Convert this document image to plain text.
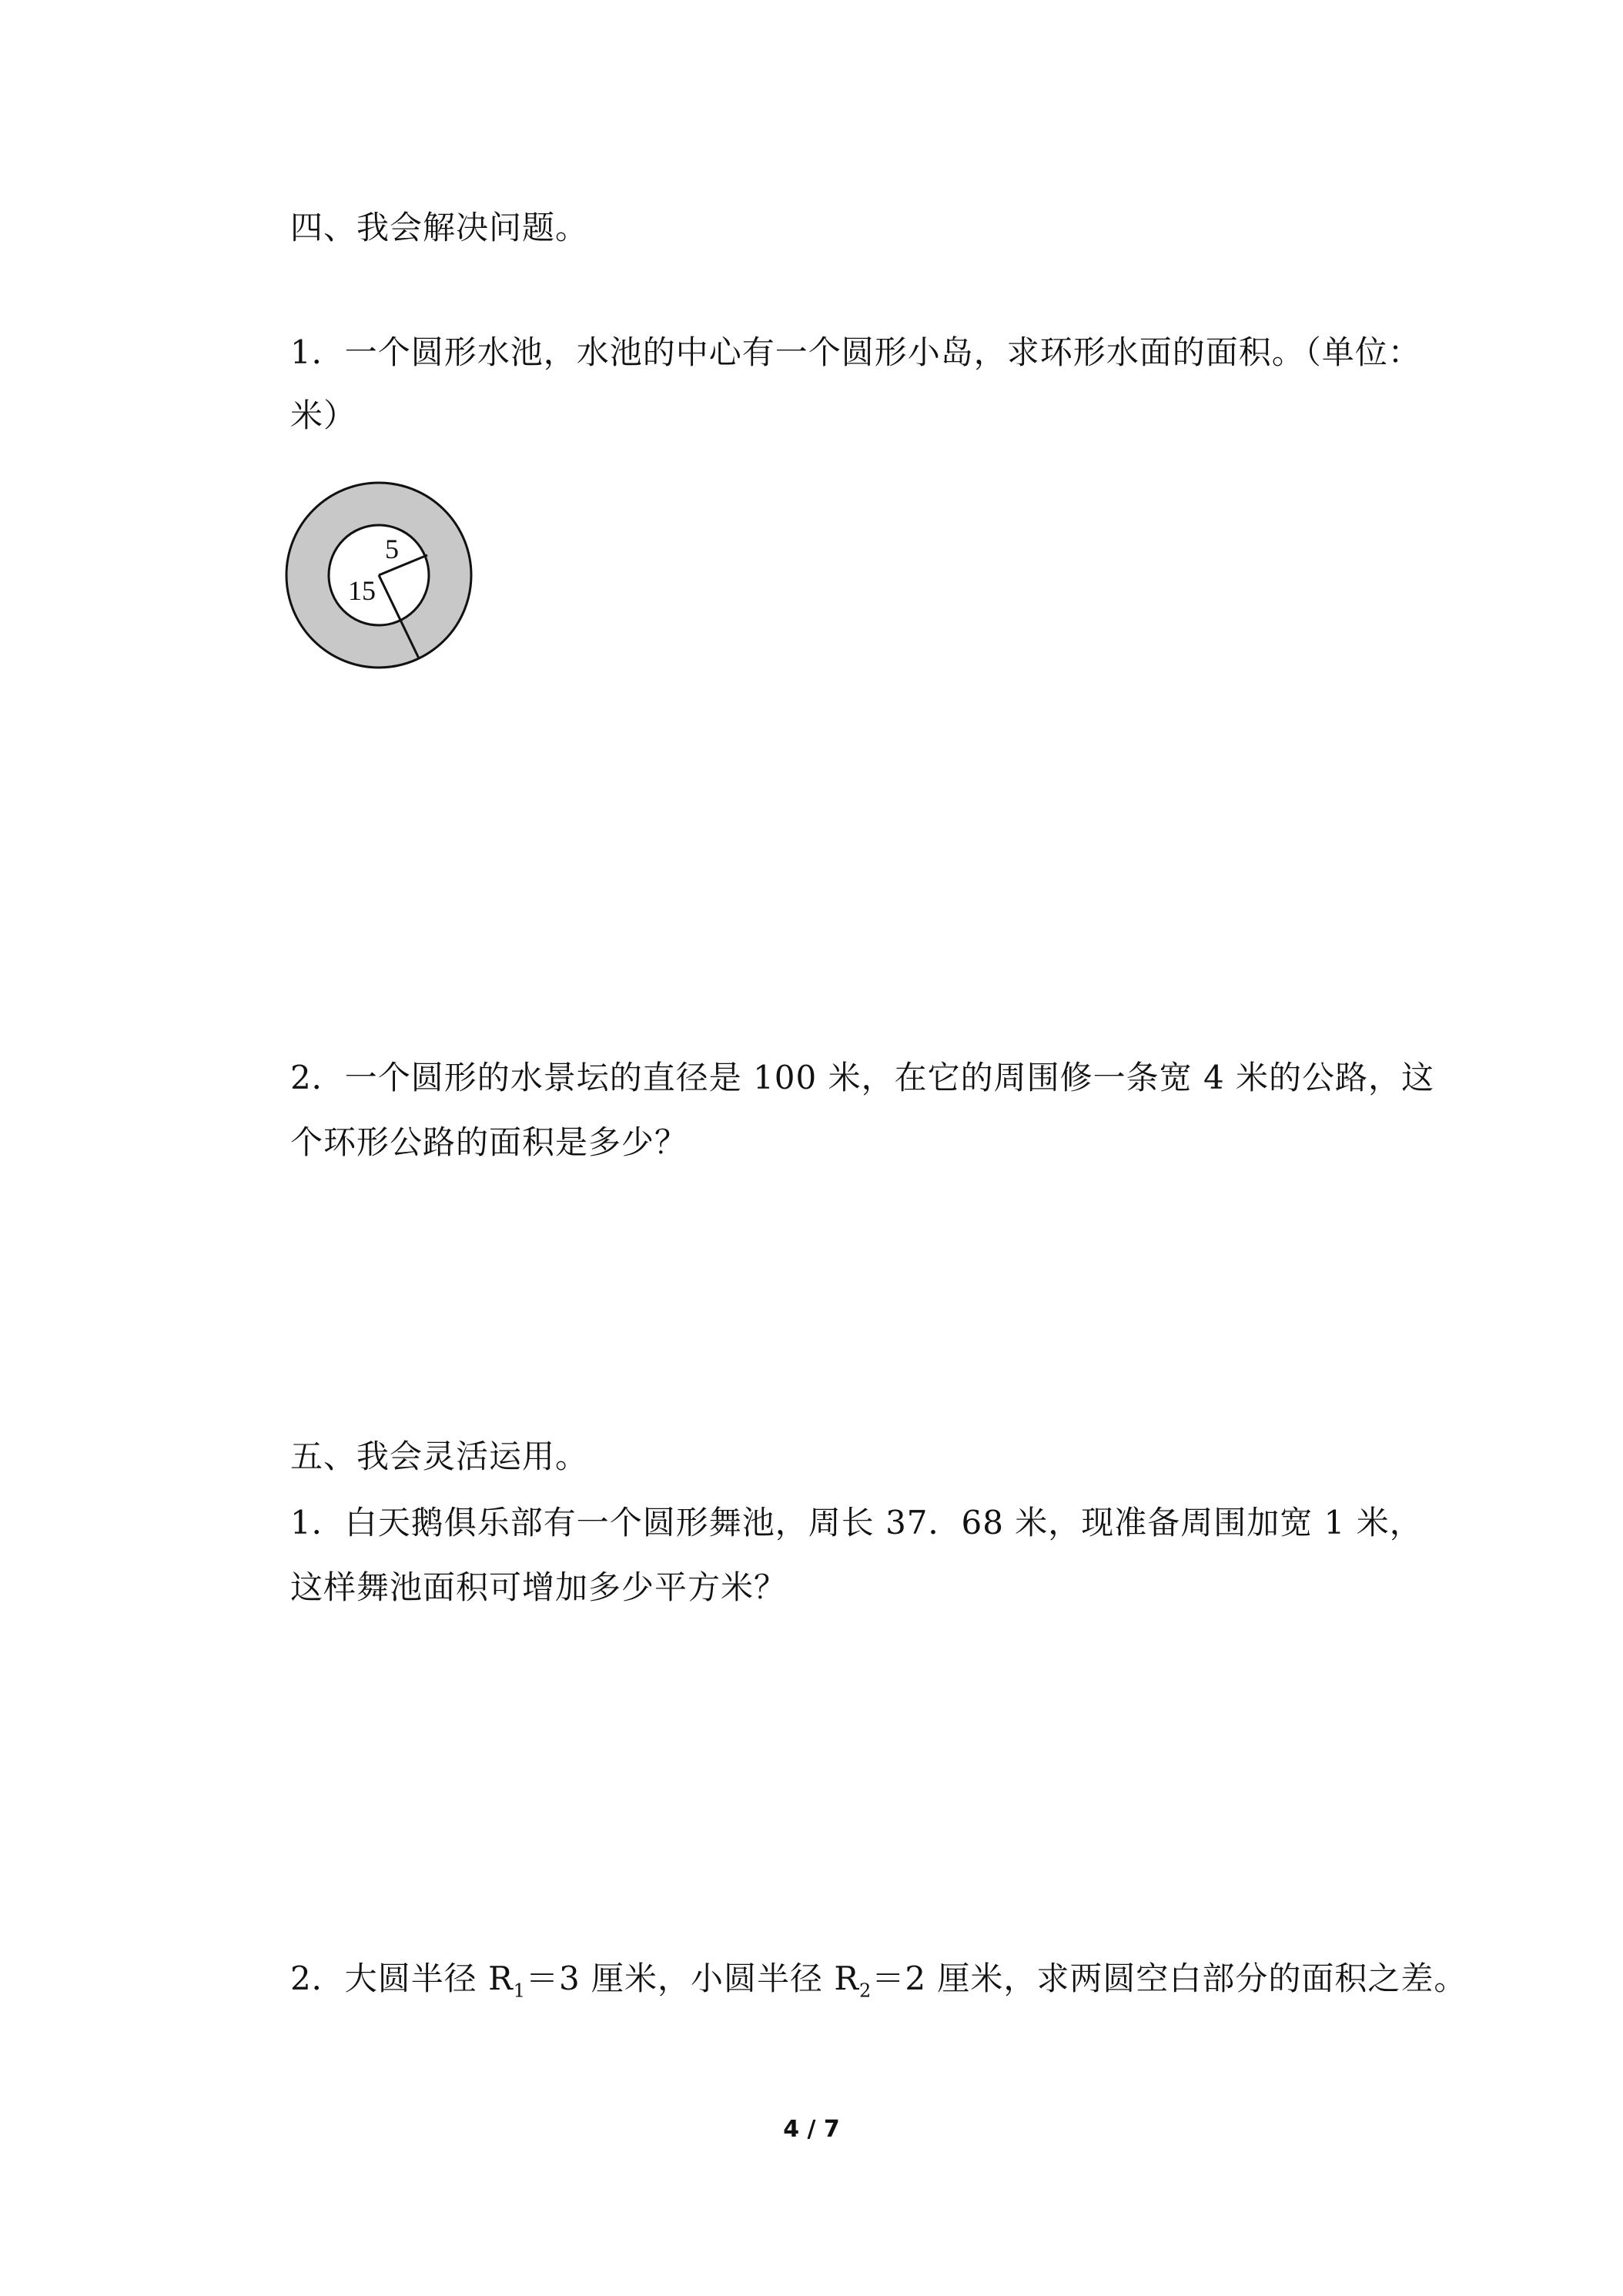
四、我会解决问题。
1．一个圆形水池，水池的中心有一个圆形小岛，求环形水面的面积。（单位：
米）
5
15
2．一个圆形的水景坛的直径是 100 米，在它的周围修一条宽 4 米的公路，这
个环形公路的面积是多少？
五、我会灵活运用。
1．白天鹅俱乐部有一个圆形舞池，周长 37．68 米，现准备周围加宽 1 米，
这样舞池面积可增加多少平方米？
2．大圆半径 $R_1=3$ 厘米，小圆半径 $R_2=2$ 厘米，求两圆空白部分的面积之差。
4 / 7
